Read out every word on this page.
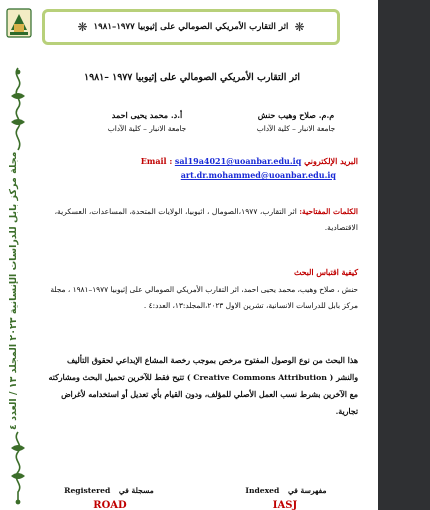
مجلة مركز بابل للدراسات الإنسانية ٢٠٢٣ المجلد ١٣ / العدد ٤
❋ اثر التقارب الأمريكي الصومالي على إثيوبيا ١٩٧٧–١٩٨١ ❋
اثر التقارب الأمريكي الصومالي على إثيوبيا ١٩٧٧ –١٩٨١
م.م. صلاح وهيب حنش
جامعة الانبار – كلية الآداب
أ.د. محمد يحيى احمد
جامعة الانبار – كلية الآداب
البريد الإلكتروني Email : sal19a4021@uoanbar.edu.iq
art.dr.mohammed@uoanbar.edu.iq
الكلمات المفتاحية: اثر التقارب، ١٩٧٧،الصومال ، اثيوبيا، الولايات المتحدة، المساعدات، العسكرية، الاقتصادية.
كيفية اقتباس البحث
حنش ، صلاح وهيب، محمد يحيى احمد، اثر التقارب الأمريكي الصومالي على إثيوبيا ١٩٧٧–١٩٨١ ، مجلة مركز بابل للدراسات الانسانية، تشرين الاول ٢٠٢٣،المجلد:١٣، العدد:٤ .
هذا البحث من نوع الوصول المفتوح مرخص بموجب رخصة المشاع الإبداعي لحقوق التأليف والنشر ( Creative Commons Attribution ) تتيح فقط للآخرين تحميل البحث ومشاركته مع الآخرين بشرط نسب العمل الأصلي للمؤلف، ودون القيام بأي تعديل أو استخدامه لأغراض تجارية.
مفهرسة في Indexed
مسجلة في Registered
IASJ
ROAD
